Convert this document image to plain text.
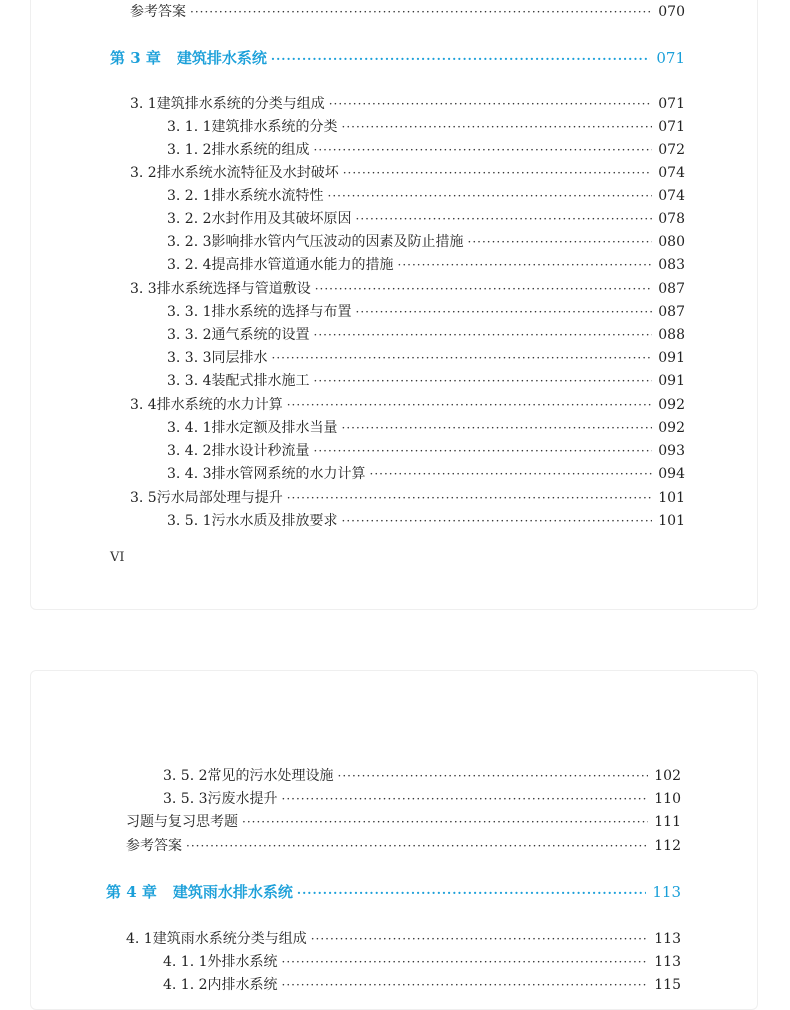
参考答案 ·····	070
第 3 章 建筑排水系统 ·····	071
3. 1 建筑排水系统的分类与组成 ·····	071
3. 1. 1 建筑排水系统的分类 ·····	071
3. 1. 2 排水系统的组成 ·····	072
3. 2 排水系统水流特征及水封破坏 ·····	074
3. 2. 1 排水系统水流特性 ·····	074
3. 2. 2 水封作用及其破坏原因 ·····	078
3. 2. 3 影响排水管内气压波动的因素及防止措施 ·····	080
3. 2. 4 提高排水管道通水能力的措施 ·····	083
3. 3 排水系统选择与管道敷设 ·····	087
3. 3. 1 排水系统的选择与布置 ·····	087
3. 3. 2 通气系统的设置 ·····	088
3. 3. 3 同层排水 ·····	091
3. 3. 4 装配式排水施工 ·····	091
3. 4 排水系统的水力计算 ·····	092
3. 4. 1 排水定额及排水当量 ·····	092
3. 4. 2 排水设计秒流量 ·····	093
3. 4. 3 排水管网系统的水力计算 ·····	094
3. 5 污水局部处理与提升 ·····	101
3. 5. 1 污水水质及排放要求 ·····	101
3. 5. 2 常见的污水处理设施 ·····	102
3. 5. 3 污废水提升 ·····	110
习题与复习思考题 ·····	111
参考答案 ·····	112
第 4 章 建筑雨水排水系统 ·····	113
4. 1 建筑雨水系统分类与组成 ·····	113
4. 1. 1 外排水系统 ·····	113
4. 1. 2 内排水系统 ·····	115
VI
